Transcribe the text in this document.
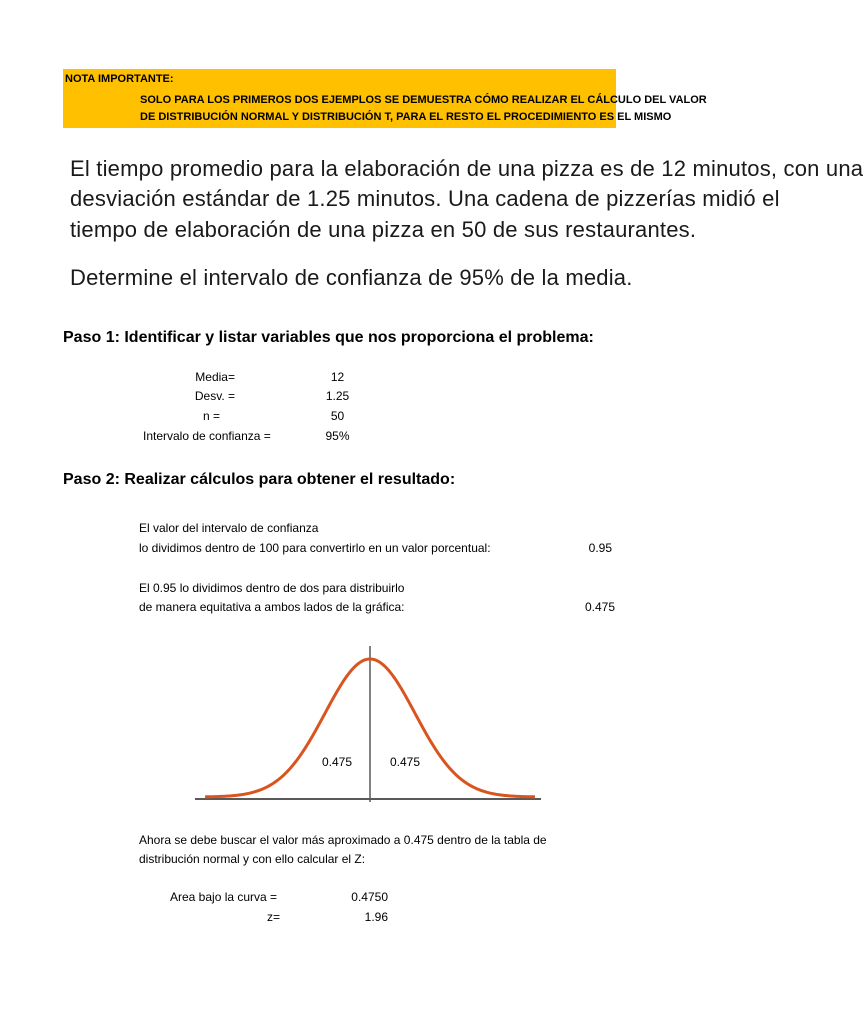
NOTA IMPORTANTE:
SOLO PARA LOS PRIMEROS DOS EJEMPLOS SE DEMUESTRA CÓMO REALIZAR EL CÁLCULO DEL VALOR
DE DISTRIBUCIÓN NORMAL Y DISTRIBUCIÓN T, PARA EL RESTO EL PROCEDIMIENTO ES EL MISMO
El tiempo promedio para la elaboración de una pizza es de 12 minutos, con una
desviación estándar de 1.25 minutos. Una cadena de pizzerías midió el
tiempo de elaboración de una pizza en 50 de sus restaurantes.
Determine el intervalo de confianza de 95% de la media.
Paso 1: Identificar y listar variables que nos proporciona el problema:
Media=	12
Desv. =	1.25
n =	50
Intervalo de confianza =	95%
Paso 2: Realizar cálculos para obtener el resultado:
El valor del intervalo de confianza
lo dividimos dentro de 100 para convertirlo en un valor porcentual:	0.95
El 0.95 lo dividimos dentro de dos para distribuirlo
de manera equitativa a ambos lados de la gráfica:	0.475
0.475	0.475
Ahora se debe buscar el valor más aproximado a 0.475 dentro de la tabla de
distribución normal y con ello calcular el Z:
Area bajo la curva =	0.4750
z=	1.96
